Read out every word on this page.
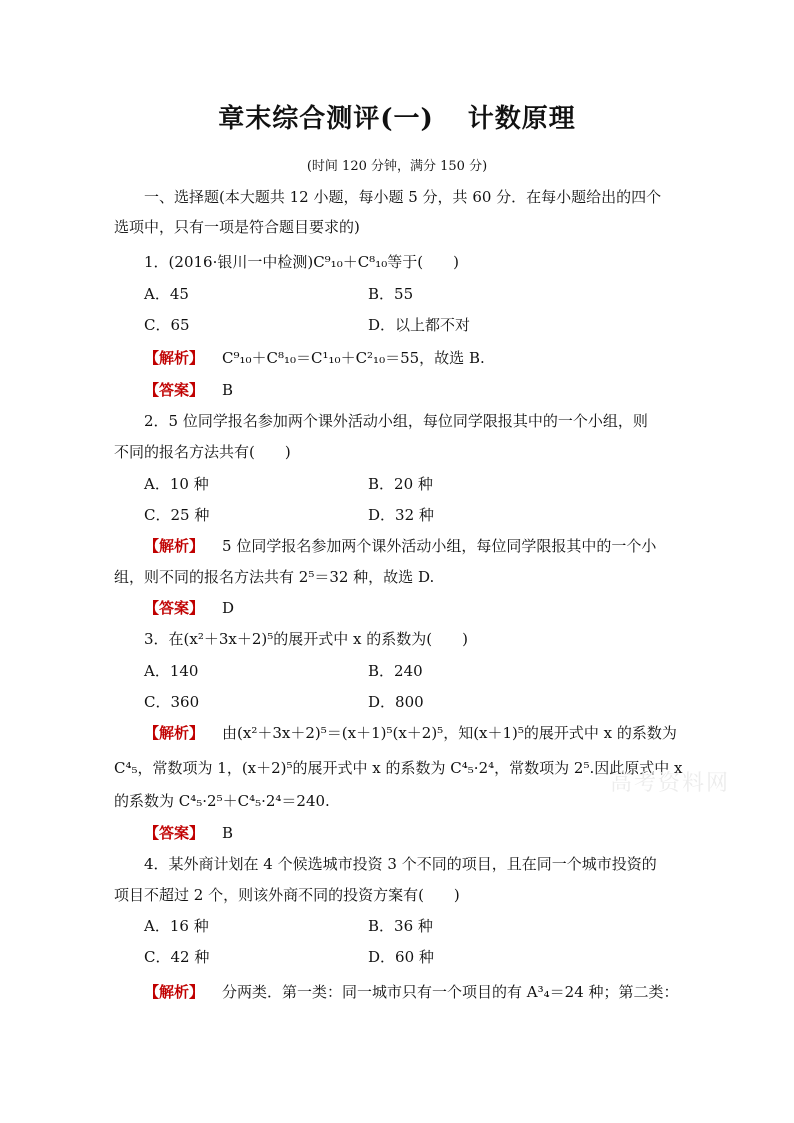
章末综合测评(一) 计数原理
(时间 120 分钟，满分 150 分)
一、选择题(本大题共 12 小题，每小题 5 分，共 60 分．在每小题给出的四个
选项中，只有一项是符合题目要求的)
1．(2016·银川一中检测)C⁹₁₀＋C⁸₁₀等于(　　)
A．45	B．55
C．65	D．以上都不对
【解析】 C⁹₁₀＋C⁸₁₀＝C¹₁₀＋C²₁₀＝55，故选 B.
【答案】 B
2．5 位同学报名参加两个课外活动小组，每位同学限报其中的一个小组，则
不同的报名方法共有(　　)
A．10 种	B．20 种
C．25 种	D．32 种
【解析】 5 位同学报名参加两个课外活动小组，每位同学限报其中的一个小
组，则不同的报名方法共有 2⁵＝32 种，故选 D.
【答案】 D
3．在(x²＋3x＋2)⁵的展开式中 x 的系数为(　　)
A．140	B．240
C．360	D．800
【解析】 由(x²＋3x＋2)⁵＝(x＋1)⁵(x＋2)⁵，知(x＋1)⁵的展开式中 x 的系数为
C⁴₅，常数项为 1，(x＋2)⁵的展开式中 x 的系数为 C⁴₅·2⁴，常数项为 2⁵.因此原式中 x
的系数为 C⁴₅·2⁵＋C⁴₅·2⁴＝240.
【答案】 B
4．某外商计划在 4 个候选城市投资 3 个不同的项目，且在同一个城市投资的
项目不超过 2 个，则该外商不同的投资方案有(　　)
A．16 种	B．36 种
C．42 种	D．60 种
【解析】 分两类．第一类：同一城市只有一个项目的有 A³₄＝24 种；第二类：
高考资料网
